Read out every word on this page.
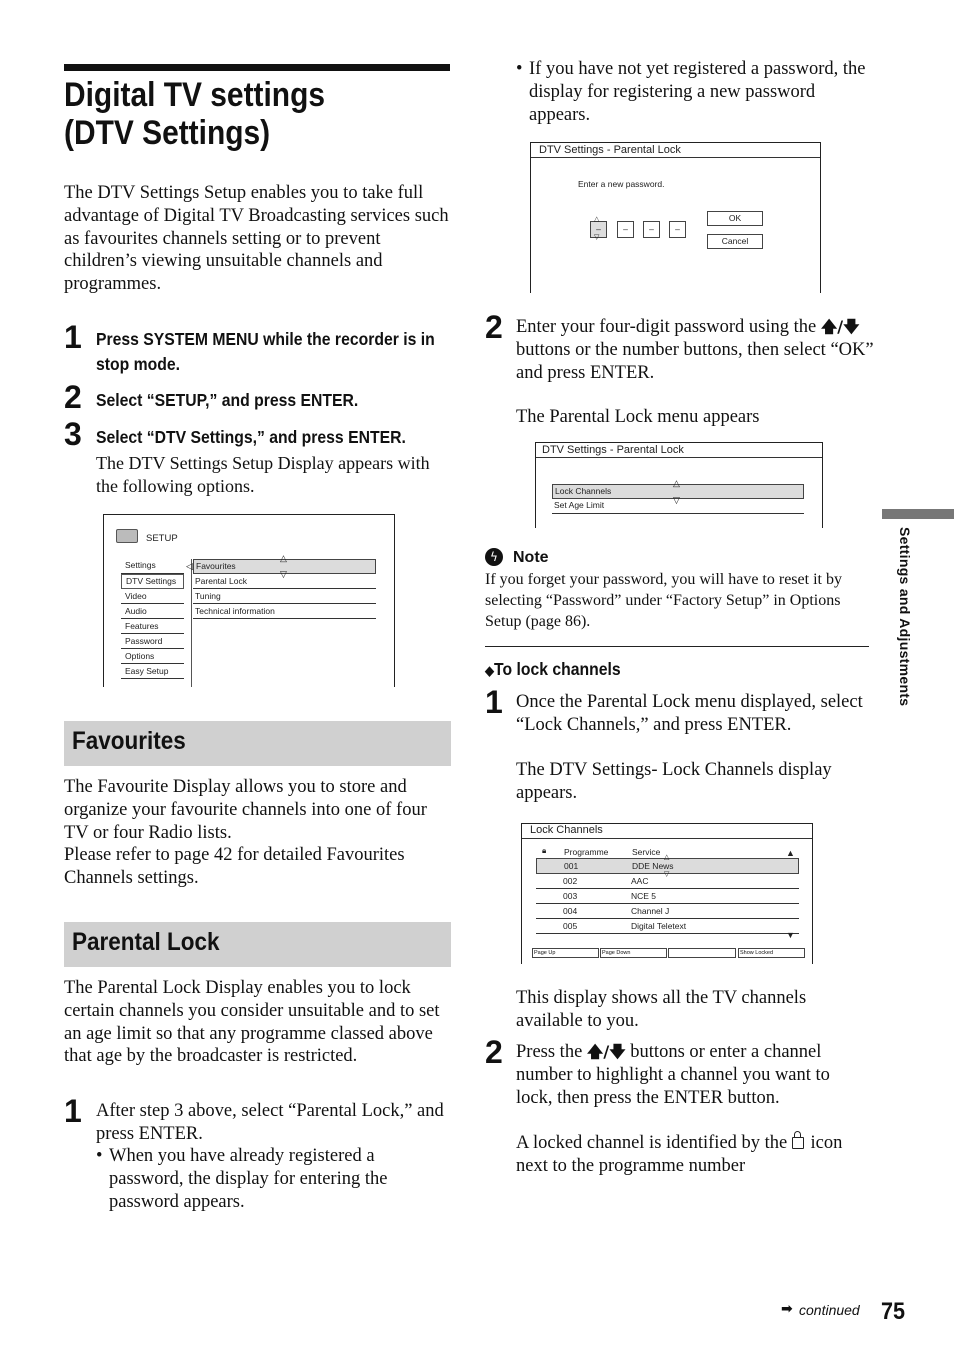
Digital TV settings
(DTV Settings)
The DTV Settings Setup enables you to take full advantage of Digital TV Broadcasting services such as favourites channels setting or to prevent children’s viewing unsuitable channels and programmes.
1 Press SYSTEM MENU while the recorder is in stop mode.
2 Select “SETUP,” and press ENTER.
3 Select “DTV Settings,” and press ENTER.
The DTV Settings Setup Display appears with the following options.
SETUP
Settings
DTV Settings
Video
Audio
Features
Password
Options
Easy Setup
◁ Favourites
Parental Lock
Tuning
Technical information
△
▽
Favourites
The Favourite Display allows you to store and organize your favourite channels into one of four TV or four Radio lists.
Please refer to page 42 for detailed Favourites Channels settings.
Parental Lock
The Parental Lock Display enables you to lock certain channels you consider unsuitable and to set an age limit so that any programme classed above that age by the broadcaster is restricted.
1 After step 3 above, select “Parental Lock,” and press ENTER.
• When you have already registered a password, the display for entering the password appears.
• If you have not yet registered a password, the display for registering a new password appears.
DTV Settings - Parental Lock
Enter a new password.
–
△
▽
–	–	–
OK
Cancel
2 Enter your four-digit password using the 🡅/🡇 buttons or the number buttons, then select “OK” and press ENTER.
The Parental Lock menu appears
DTV Settings - Parental Lock
Lock Channels
Set Age Limit
△
▽
ϟ Note
If you forget your password, you will have to reset it by selecting “Password” under “Factory Setup” in Options Setup (page 86).
◆To lock channels
1 Once the Parental Lock menu displayed, select “Lock Channels,” and press ENTER.
The DTV Settings- Lock Channels display appears.
Lock Channels
🔒︎ Programme	Service	▲
001	DDE News
002	AAC
003	NCE 5
004	Channel J
005	Digital Teletext
△
▽
▼
Page Up	Page Down	Show Locked
This display shows all the TV channels available to you.
2 Press the 🡅/🡇 buttons or enter a channel number to highlight a channel you want to lock, then press the ENTER button.
A locked channel is identified by the
icon next to the programme number
Settings and Adjustments
➡ continued 75
